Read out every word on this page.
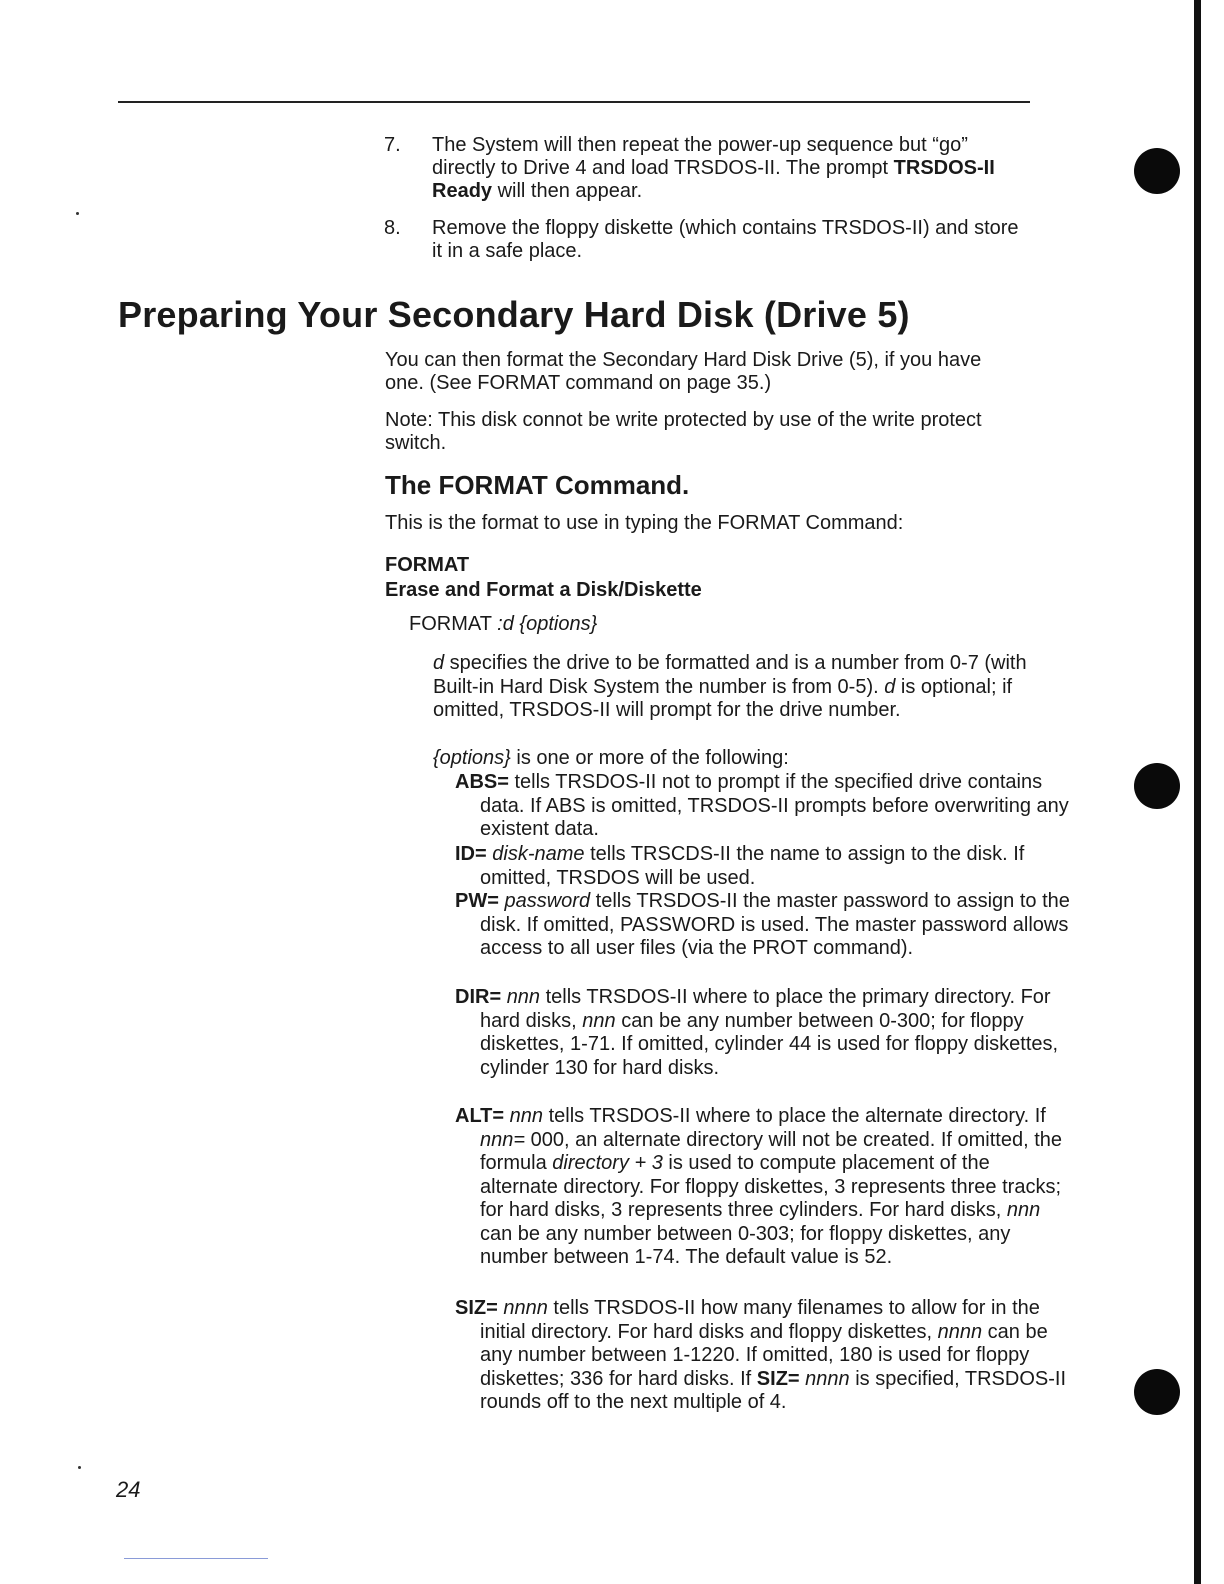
7. The System will then repeat the power-up sequence but “go” directly to Drive 4 and load TRSDOS-II. The prompt TRSDOS-II Ready will then appear.
8. Remove the floppy diskette (which contains TRSDOS-II) and store it in a safe place.
Preparing Your Secondary Hard Disk (Drive 5)
You can then format the Secondary Hard Disk Drive (5), if you have one. (See FORMAT command on page 35.)
Note: This disk connot be write protected by use of the write protect switch.
The FORMAT Command.
This is the format to use in typing the FORMAT Command:
FORMAT
Erase and Format a Disk/Diskette
FORMAT :d {options}
d specifies the drive to be formatted and is a number from 0-7 (with Built-in Hard Disk System the number is from 0-5). d is optional; if omitted, TRSDOS-II will prompt for the drive number.
{options} is one or more of the following:
ABS= tells TRSDOS-II not to prompt if the specified drive contains data. If ABS is omitted, TRSDOS-II prompts before overwriting any existent data.
ID= disk-name tells TRSCDS-II the name to assign to the disk. If omitted, TRSDOS will be used.
PW= password tells TRSDOS-II the master password to assign to the disk. If omitted, PASSWORD is used. The master password allows access to all user files (via the PROT command).
DIR= nnn tells TRSDOS-II where to place the primary directory. For hard disks, nnn can be any number between 0-300; for floppy diskettes, 1-71. If omitted, cylinder 44 is used for floppy diskettes, cylinder 130 for hard disks.
ALT= nnn tells TRSDOS-II where to place the alternate directory. If nnn= 000, an alternate directory will not be created. If omitted, the formula directory + 3 is used to compute placement of the alternate directory. For floppy diskettes, 3 represents three tracks; for hard disks, 3 represents three cylinders. For hard disks, nnn can be any number between 0-303; for floppy diskettes, any number between 1-74. The default value is 52.
SIZ= nnnn tells TRSDOS-II how many filenames to allow for in the initial directory. For hard disks and floppy diskettes, nnnn can be any number between 1-1220. If omitted, 180 is used for floppy diskettes; 336 for hard disks. If SIZ= nnnn is specified, TRSDOS-II rounds off to the next multiple of 4.
24
